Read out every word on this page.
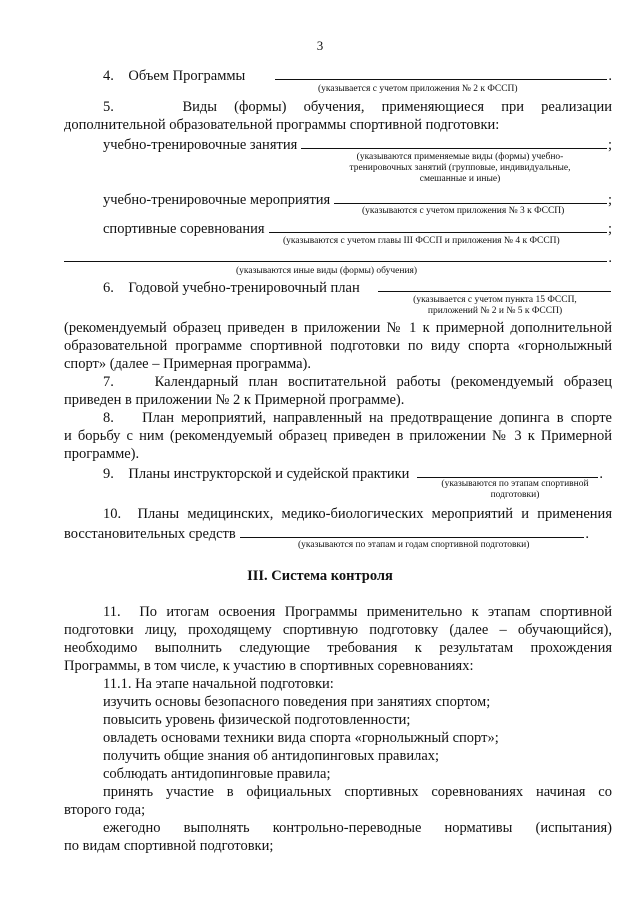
3
4.    Объем Программы	.
(указывается с учетом приложения № 2 к ФССП)
5.    Виды (формы) обучения, применяющиеся при реализации
дополнительной образовательной программы спортивной подготовки:
учебно-тренировочные занятия	;
(указываются применяемые виды (формы) учебно-
тренировочных занятий (групповые, индивидуальные,
смешанные и иные)
учебно-тренировочные мероприятия	;
(указываются с учетом приложения № 3 к ФССП)
спортивные соревнования	;
(указываются с учетом главы III ФССП и приложения № 4 к ФССП)
.
(указываются иные виды (формы) обучения)
6.    Годовой учебно-тренировочный план
(указывается с учетом пункта 15 ФССП,
приложений № 2 и № 5 к ФССП)
(рекомендуемый образец приведен в приложении № 1 к примерной дополнительной
образовательной программе спортивной подготовки по виду спорта «горнолыжный
спорт» (далее – Примерная программа).
7.    Календарный план воспитательной работы (рекомендуемый образец
приведен в приложении № 2 к Примерной программе).
8.    План мероприятий, направленный на предотвращение допинга в спорте
и борьбу с ним (рекомендуемый образец приведен в приложении № 3 к Примерной
программе).
9.    Планы инструкторской и судейской практики	.
(указываются по этапам спортивной
подготовки)
10.  Планы медицинских, медико-биологических мероприятий и применения
восстановительных средств	.
(указываются по этапам и годам спортивной подготовки)
III. Система контроля
11.  По итогам освоения Программы применительно к этапам спортивной
подготовки лицу, проходящему спортивную подготовку (далее – обучающийся),
необходимо выполнить следующие требования к результатам прохождения
Программы, в том числе, к участию в спортивных соревнованиях:
11.1. На этапе начальной подготовки:
изучить основы безопасного поведения при занятиях спортом;
повысить уровень физической подготовленности;
овладеть основами техники вида спорта «горнолыжный спорт»;
получить общие знания об антидопинговых правилах;
соблюдать антидопинговые правила;
принять участие в официальных спортивных соревнованиях начиная со
второго года;
ежегодно выполнять контрольно-переводные нормативы (испытания)
по видам спортивной подготовки;
